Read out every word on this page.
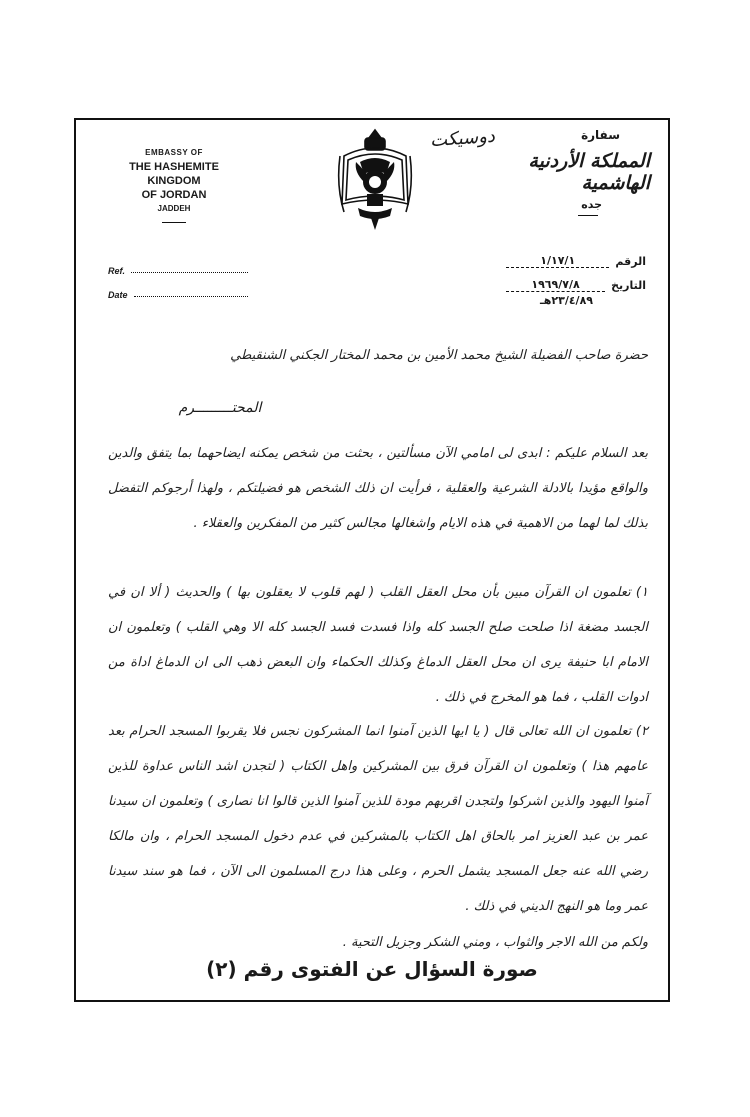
EMBASSY OF
THE HASHEMITE KINGDOM
OF JORDAN
JADDEH
دوسیکت	سفارة
المملكة الأردنية الهاشمية
جده
Ref.
Date
الرقم
١/١٧/١
التاريخ
١٩٦٩/٧/٨
٢٣/٤/٨٩هـ
حضرة صاحب الفضيلة الشيخ محمد الأمين بن محمد المختار الجكني الشنقيطي
المحتـــــــــرم
بعد السلام عليكم : ابدى لى امامي الآن مسألتين ، بحثت من شخص يمكنه ايضاحهما بما يتفق والدين والواقع مؤيدا بالادلة الشرعية والعقلية ، فرأيت ان ذلك الشخص هو فضيلتكم ، ولهذا أرجوكم التفضل بذلك لما لهما من الاهمية في هذه الايام واشغالها مجالس كثير من المفكرين والعقلاء .
١) تعلمون ان القرآن مبين بأن محل العقل القلب ( لهم قلوب لا يعقلون بها ) والحديث ( ألا ان في الجسد مضغة اذا صلحت صلح الجسد كله واذا فسدت فسد الجسد كله الا وهي القلب ) وتعلمون ان الامام ابا حنيفة يرى ان محل العقل الدماغ وكذلك الحكماء وان البعض ذهب الى ان الدماغ اداة من ادوات القلب ، فما هو المخرج في ذلك .
٢) تعلمون ان الله تعالى قال ( يا ايها الذين آمنوا انما المشركون نجس فلا يقربوا المسجد الحرام بعد عامهم هذا ) وتعلمون ان القرآن فرق بين المشركين واهل الكتاب ( لتجدن اشد الناس عداوة للذين آمنوا اليهود والذين اشركوا ولتجدن اقربهم مودة للذين آمنوا الذين قالوا انا نصارى ) وتعلمون ان سيدنا عمر بن عبد العزيز امر بالحاق اهل الكتاب بالمشركين في عدم دخول المسجد الحرام ، وان مالكا رضي الله عنه جعل المسجد يشمل الحرم ، وعلى هذا درج المسلمون الى الآن ، فما هو سند سيدنا عمر وما هو النهج الديني في ذلك .
ولكم من الله الاجر والثواب ، ومني الشكر وجزيل التحية .
صورة السؤال عن الفتوى رقم (٢)
